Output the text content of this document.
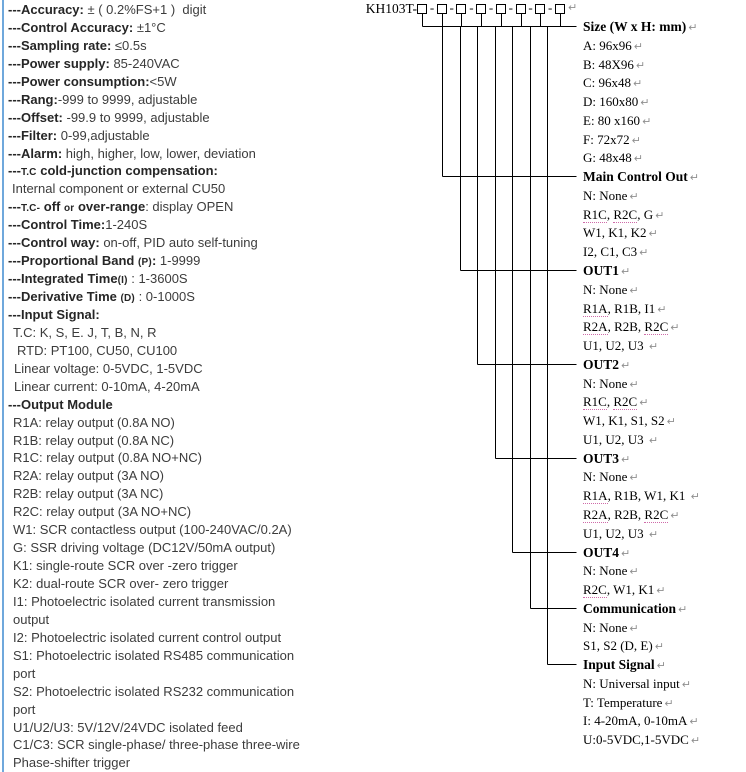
---Accuracy: ± ( 0.2%FS+1 )  digit
---Control Accuracy: ±1°C
---Sampling rate: ≤0.5s
---Power supply: 85-240VAC
---Power consumption:<5W
---Rang:-999 to 9999, adjustable
---Offset: -99.9 to 9999, adjustable
---Filter: 0-99,adjustable
---Alarm: high, higher, low, lower, deviation
---T.C cold-junction compensation:
Internal component or external CU50
---T.C- off or over-range: display OPEN
---Control Time:1-240S
---Control way: on-off, PID auto self-tuning
---Proportional Band (P): 1-9999
---Integrated Time(I) : 1-3600S
---Derivative Time (D) : 0-1000S
---Input Signal:
T.C: K, S, E. J, T, B, N, R
RTD: PT100, CU50, CU100
Linear voltage: 0-5VDC, 1-5VDC
Linear current: 0-10mA, 4-20mA
---Output Module
R1A: relay output (0.8A NO)
R1B: relay output (0.8A NC)
R1C: relay output (0.8A NO+NC)
R2A: relay output (3A NO)
R2B: relay output (3A NC)
R2C: relay output (3A NO+NC)
W1: SCR contactless output (100-240VAC/0.2A)
G: SSR driving voltage (DC12V/50mA output)
K1: single-route SCR over -zero trigger
K2: dual-route SCR over- zero trigger
I1: Photoelectric isolated current transmission
output
I2: Photoelectric isolated current control output
S1: Photoelectric isolated RS485 communication
port
S2: Photoelectric isolated RS232 communication
port
U1/U2/U3: 5V/12V/24VDC isolated feed
C1/C3: SCR single-phase/ three-phase three-wire
Phase-shifter trigger
KH103T- - - - - - - - ↵
Size (W x H: mm) ↵
A: 96x96 ↵
B: 48X96 ↵
C: 96x48 ↵
D: 160x80 ↵
E: 80 x160 ↵
F: 72x72 ↵
G: 48x48 ↵
Main Control Out ↵
N: None ↵
R1C, R2C, G ↵
W1, K1, K2 ↵
I2, C1, C3 ↵
OUT1 ↵
N: None ↵
R1A, R1B, I1 ↵
R2A, R2B, R2C ↵
U1, U2, U3 ↵
OUT2 ↵
N: None ↵
R1C, R2C ↵
W1, K1, S1, S2 ↵
U1, U2, U3 ↵
OUT3 ↵
N: None ↵
R1A, R1B, W1, K1 ↵
R2A, R2B, R2C ↵
U1, U2, U3 ↵
OUT4 ↵
N: None ↵
R2C, W1, K1 ↵
Communication ↵
N: None ↵
S1, S2 (D, E) ↵
Input Signal ↵
N: Universal input ↵
T: Temperature ↵
I: 4-20mA, 0-10mA ↵
U:0-5VDC,1-5VDC ↵
